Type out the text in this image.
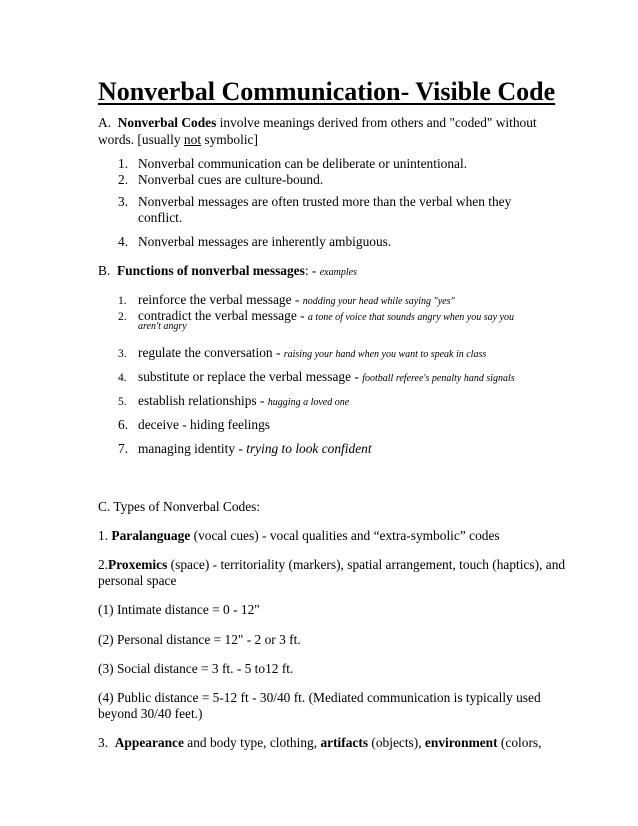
Nonverbal Communication- Visible Code
A. Nonverbal Codes involve meanings derived from others and "coded" without
words. [usually not symbolic]
1. Nonverbal communication can be deliberate or unintentional.
2. Nonverbal cues are culture-bound.
3. Nonverbal messages are often trusted more than the verbal when they
conflict.
4. Nonverbal messages are inherently ambiguous.
B. Functions of nonverbal messages: - examples
1. reinforce the verbal message - nodding your head while saying "yes"
2. contradict the verbal message - a tone of voice that sounds angry when you say you
aren't angry
3. regulate the conversation - raising your hand when you want to speak in class
4. substitute or replace the verbal message - football referee's penalty hand signals
5. establish relationships - hugging a loved one
6. deceive - hiding feelings
7. managing identity - trying to look confident
C. Types of Nonverbal Codes:
1. Paralanguage (vocal cues) - vocal qualities and “extra-symbolic” codes
2.Proxemics (space) - territoriality (markers), spatial arrangement, touch (haptics), and
personal space
(1) Intimate distance = 0 - 12"
(2) Personal distance = 12" - 2 or 3 ft.
(3) Social distance = 3 ft. - 5 to12 ft.
(4) Public distance = 5-12 ft - 30/40 ft. (Mediated communication is typically used
beyond 30/40 feet.)
3. Appearance and body type, clothing, artifacts (objects), environment (colors,
